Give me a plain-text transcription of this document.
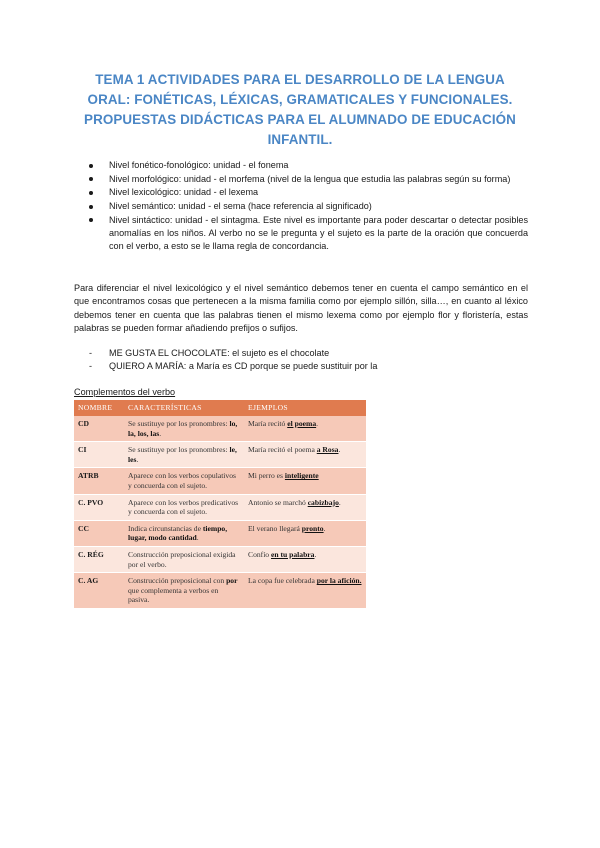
TEMA 1 ACTIVIDADES PARA EL DESARROLLO DE LA LENGUA
ORAL: FONÉTICAS, LÉXICAS, GRAMATICALES Y FUNCIONALES.
PROPUESTAS DIDÁCTICAS PARA EL ALUMNADO DE EDUCACIÓN
INFANTIL.
Nivel fonético-fonológico: unidad - el fonema
Nivel morfológico: unidad - el morfema (nivel de la lengua que estudia las palabras según su forma)
Nivel lexicológico: unidad - el lexema
Nivel semántico: unidad - el sema (hace referencia al significado)
Nivel sintáctico: unidad - el sintagma. Este nivel es importante para poder descartar o detectar posibles anomalías en los niños. Al verbo no se le pregunta y el sujeto es la parte de la oración que concuerda con el verbo, a esto se le llama regla de concordancia.

Para diferenciar el nivel lexicológico y el nivel semántico debemos tener en cuenta el campo semántico en el que encontramos cosas que pertenecen a la misma familia como por ejemplo sillón, silla…, en cuanto al léxico debemos tener en cuenta que las palabras tienen el mismo lexema como por ejemplo flor y floristería, estas palabras se pueden formar añadiendo prefijos o sufijos.

- ME GUSTA EL CHOCOLATE: el sujeto es el chocolate
- QUIERO A MARÍA: a María es CD porque se puede sustituir por la
Complementos del verbo
NOMBRE	CARACTERÍSTICAS	EJEMPLOS
CD	Se sustituye por los pronombres: lo, la, los, las.	María recitó el poema.
CI	Se sustituye por los pronombres: le, les.	María recitó el poema a Rosa.
ATRB	Aparece con los verbos copulativos y concuerda con el sujeto.	Mi perro es inteligente
C. PVO	Aparece con los verbos predicativos y concuerda con el sujeto.	Antonio se marchó cabizbajo.
CC	Indica circunstancias de tiempo, lugar, modo cantidad.	El verano llegará pronto.
C. RÉG	Construcción preposicional exigida por el verbo.	Confío en tu palabra.
C. AG	Construcción preposicional con por que complementa a verbos en pasiva.	La copa fue celebrada por la afición.
